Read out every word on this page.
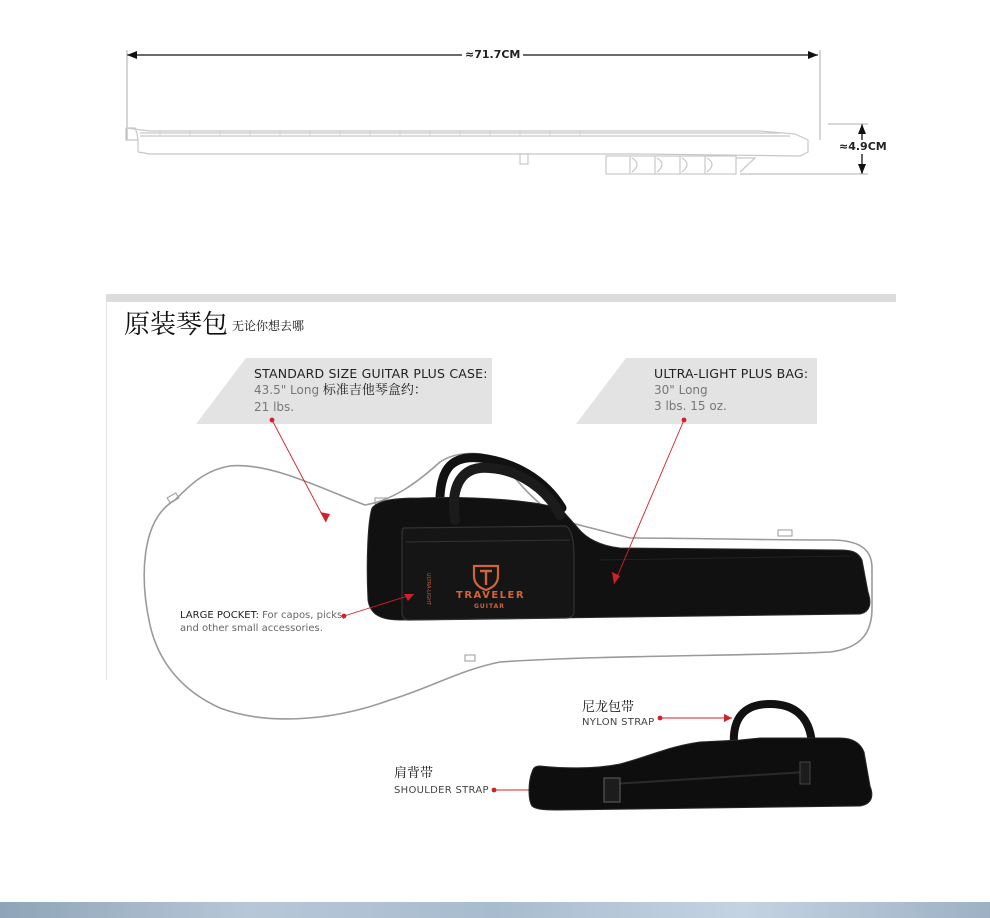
≈71.7CM
≈4.9CM
原装琴包 $^{无论你想去哪}$
STANDARD SIZE GUITAR PLUS CASE:
43.5" Long 标准吉他琴盒约：
21 lbs.
ULTRA-LIGHT PLUS BAG:
30" Long
3 lbs. 15 oz.
TRAVELER
GUITAR
ULTRA-LIGHT
LARGE POCKET: For capos, picks,
and other small accessories.
尼龙包带
NYLON STRAP
肩背带
SHOULDER STRAP
